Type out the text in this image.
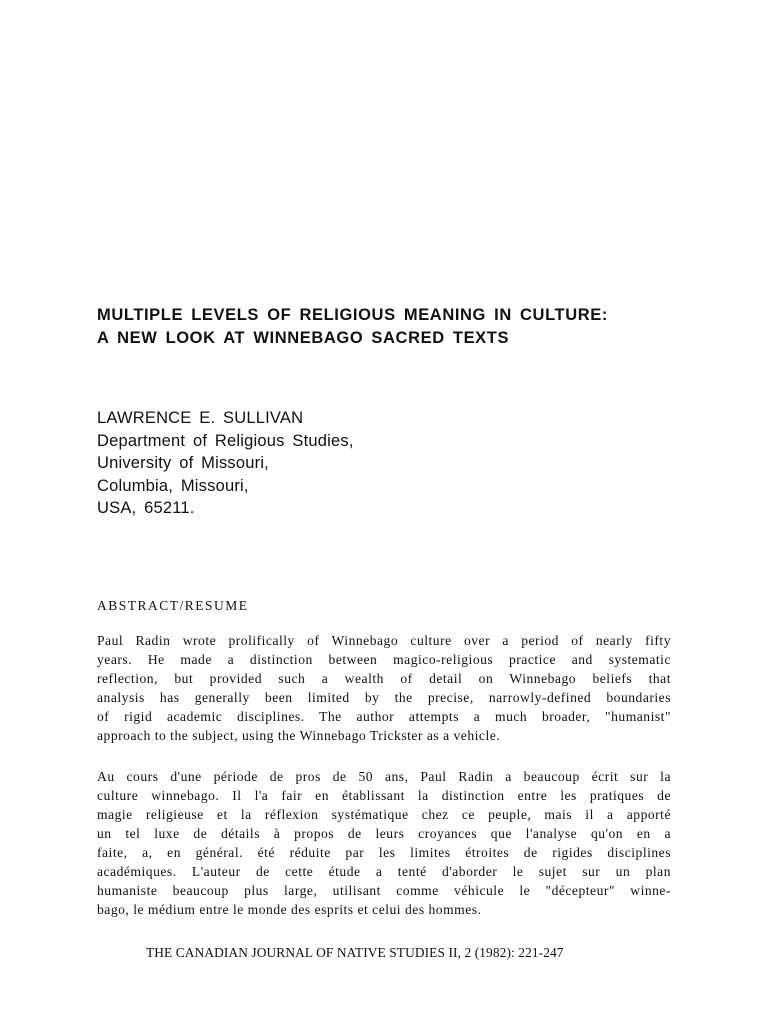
MULTIPLE LEVELS OF RELIGIOUS MEANING IN CULTURE:
A NEW LOOK AT WINNEBAGO SACRED TEXTS
LAWRENCE E. SULLIVAN
Department of Religious Studies,
University of Missouri,
Columbia, Missouri,
USA, 65211.
ABSTRACT/RESUME
Paul Radin wrote prolifically of Winnebago culture over a period of nearly fifty
years. He made a distinction between magico-religious practice and systematic
reflection, but provided such a wealth of detail on Winnebago beliefs that
analysis has generally been limited by the precise, narrowly-defined boundaries
of rigid academic disciplines. The author attempts a much broader, "humanist"
approach to the subject, using the Winnebago Trickster as a vehicle.
Au cours d'une période de pros de 50 ans, Paul Radin a beaucoup écrit sur la
culture winnebago. Il l'a fair en établissant la distinction entre les pratiques de
magie religieuse et la réflexion systématique chez ce peuple, mais il a apporté
un tel luxe de détails à propos de leurs croyances que l'analyse qu'on en a
faite, a, en général. été réduite par les limites étroites de rigides disciplines
académiques. L'auteur de cette étude a tenté d'aborder le sujet sur un plan
humaniste beaucoup plus large, utilisant comme véhicule le "décepteur" winne-
bago, le médium entre le monde des esprits et celui des hommes.
THE CANADIAN JOURNAL OF NATIVE STUDIES II, 2 (1982): 221-247
